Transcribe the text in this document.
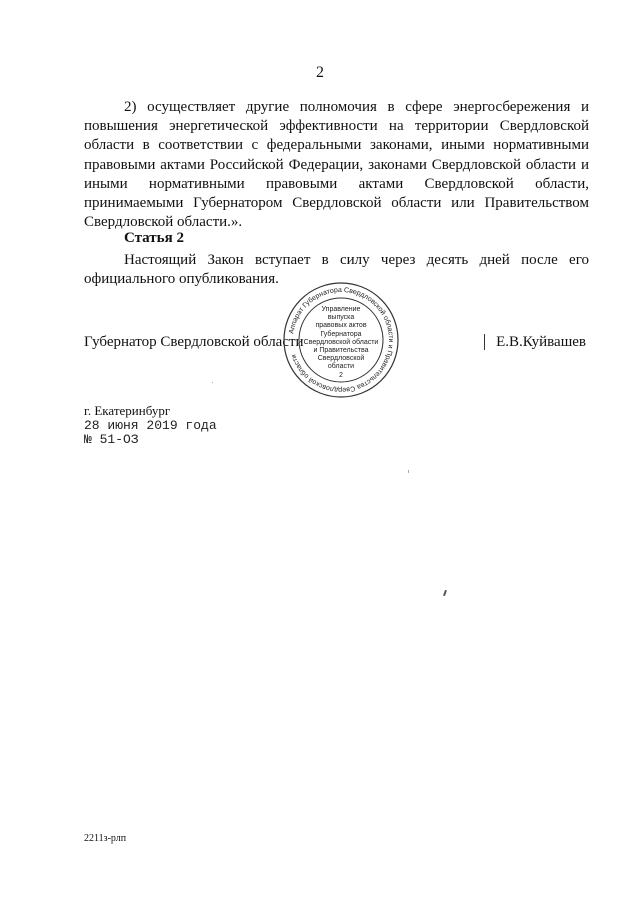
2

2) осуществляет другие полномочия в сфере энергосбережения и повышения энергетической эффективности на территории Свердловской области в соответствии с федеральными законами, иными нормативными правовыми актами Российской Федерации, законами Свердловской области и иными нормативными правовыми актами Свердловской области, принимаемыми Губернатором Свердловской области или Правительством Свердловской области.».

Статья 2

Настоящий Закон вступает в силу через десять дней после его официального опубликования.

Губернатор Свердловской области	Е.В.Куйвашев
Аппарат Губернатора Свердловской области и Правительства Свердловской области
Управление
выпуска
правовых актов
Губернатора
Свердловской области
и Правительства
Свердловской
области
2
г. Екатеринбург
28 июня 2019 года
№ 51-ОЗ
2211з-рлп
